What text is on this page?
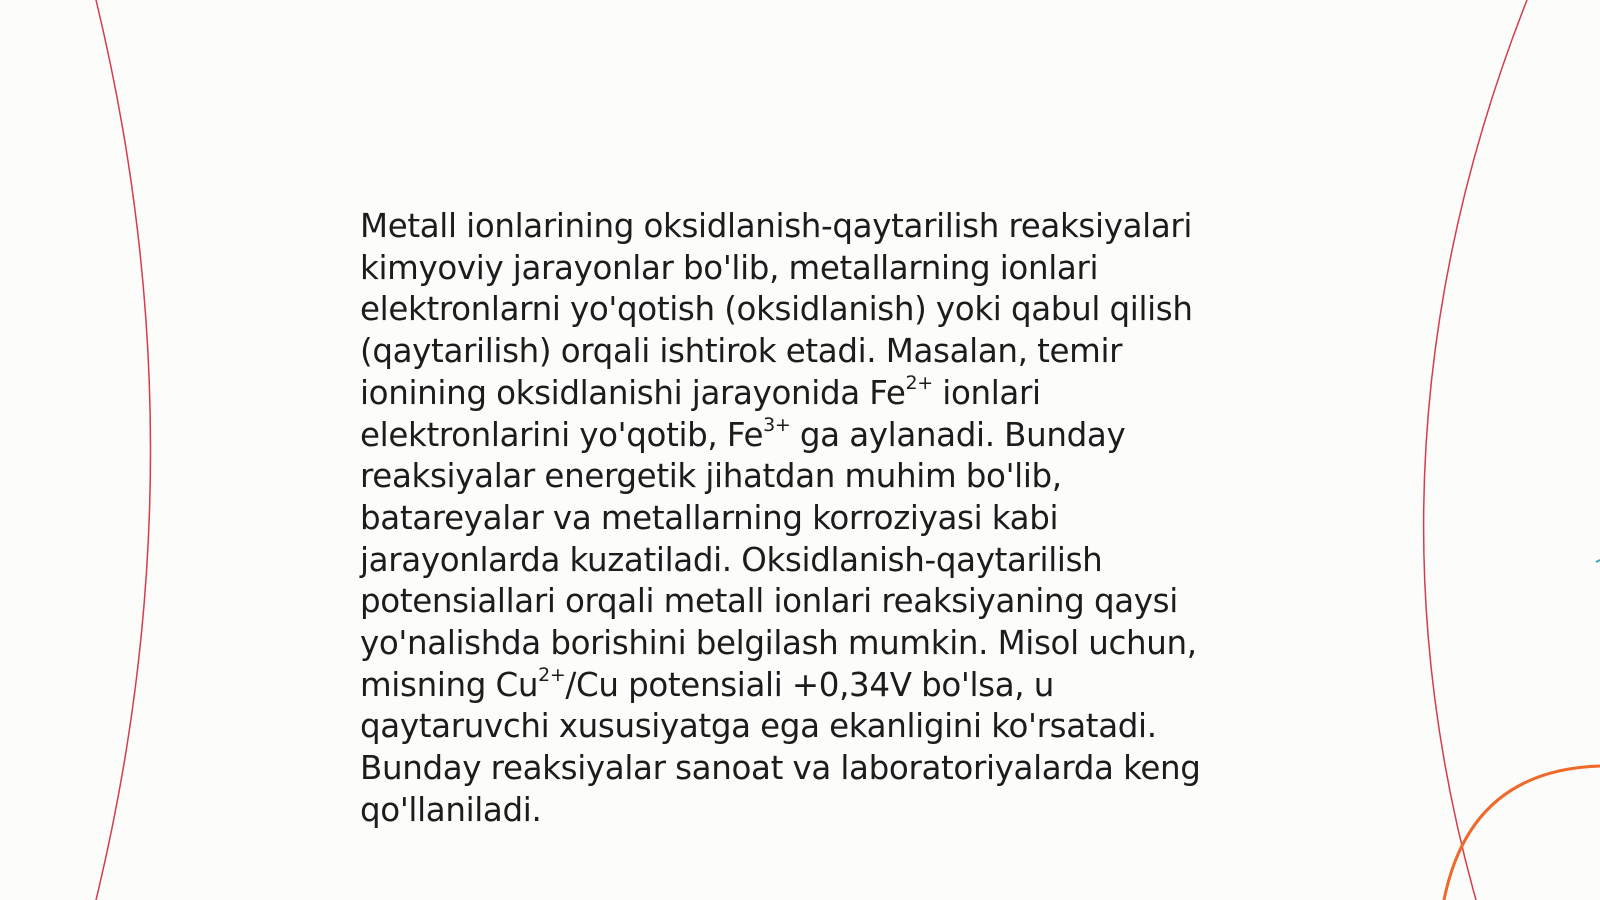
Metall ionlarining oksidlanish-qaytarilish reaksiyalari
kimyoviy jarayonlar bo'lib, metallarning ionlari
elektronlarni yo'qotish (oksidlanish) yoki qabul qilish
(qaytarilish) orqali ishtirok etadi. Masalan, temir
ionining oksidlanishi jarayonida $Fe^{2+}$ ionlari
elektronlarini yo'qotib, $Fe^{3+}$ ga aylanadi. Bunday
reaksiyalar energetik jihatdan muhim bo'lib,
batareyalar va metallarning korroziyasi kabi
jarayonlarda kuzatiladi. Oksidlanish-qaytarilish
potensiallari orqali metall ionlari reaksiyaning qaysi
yo'nalishda borishini belgilash mumkin. Misol uchun,
misning $Cu^{2+}/Cu$ potensiali +0,34V bo'lsa, u
qaytaruvchi xususiyatga ega ekanligini ko'rsatadi.
Bunday reaksiyalar sanoat va laboratoriyalarda keng
qo'llaniladi.
